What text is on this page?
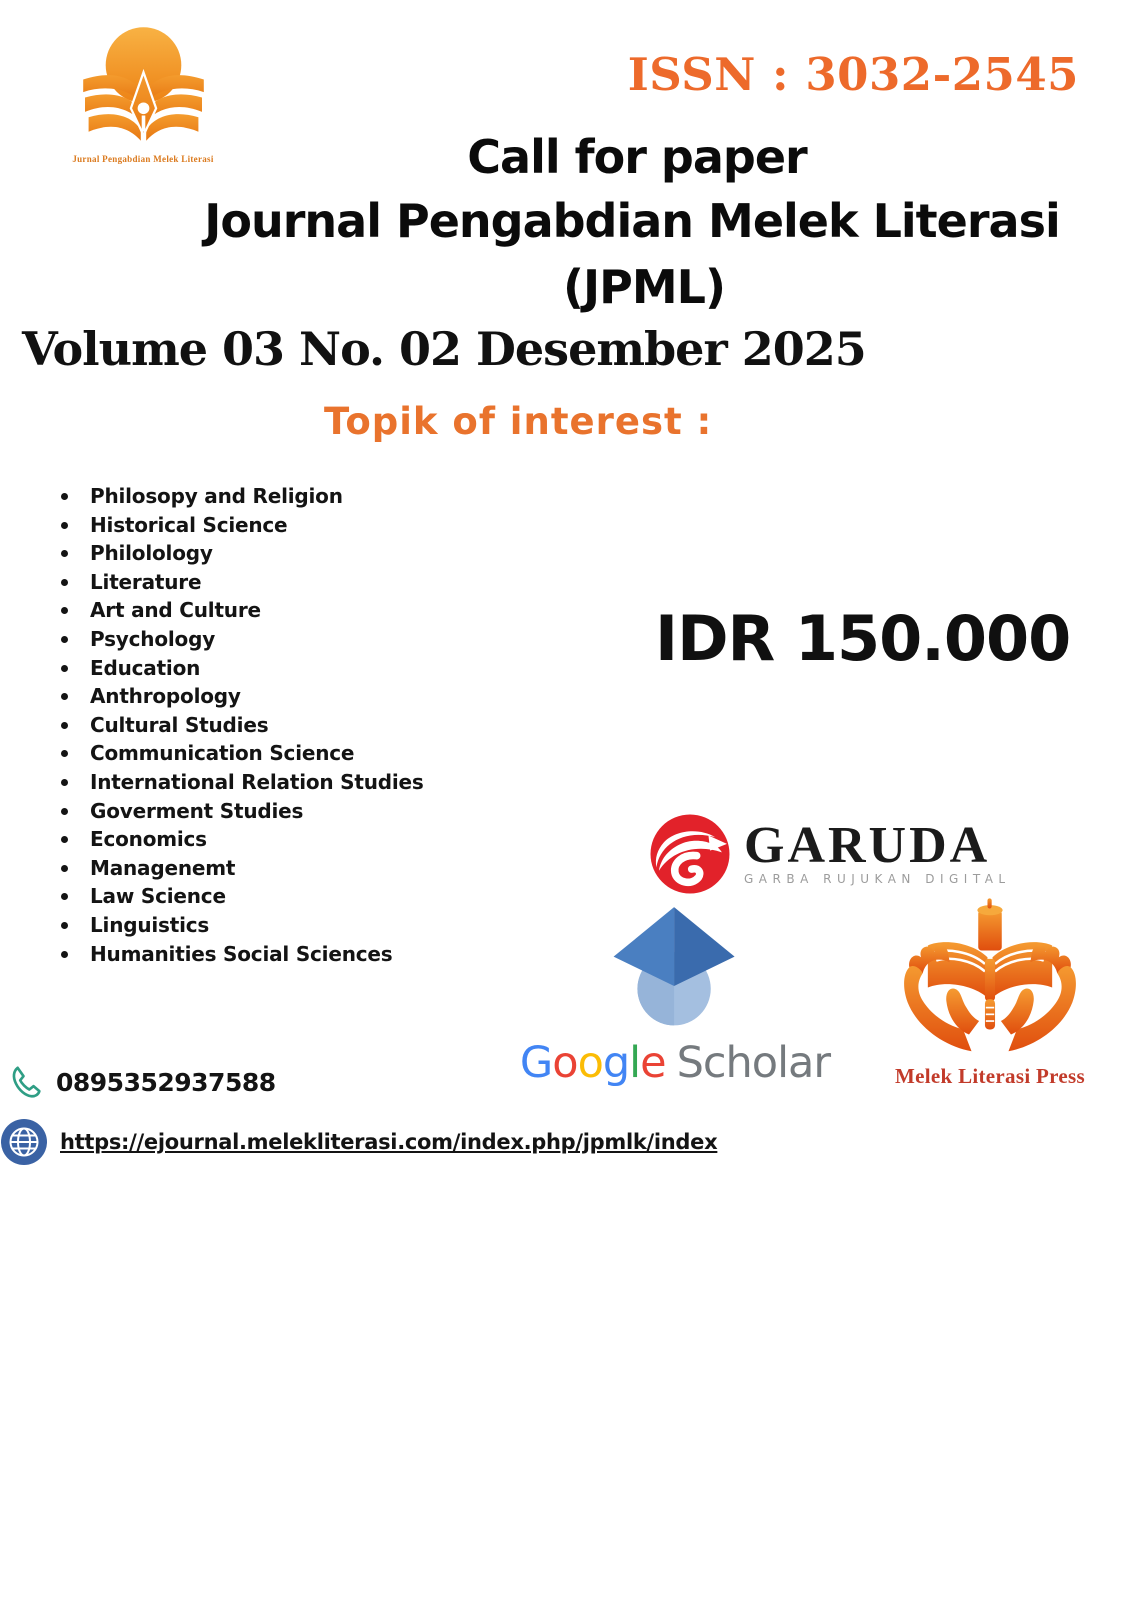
Jurnal Pengabdian Melek Literasi
ISSN : 3032-2545
Call for paper
Journal Pengabdian Melek Literasi
(JPML)
Volume 03 No. 02 Desember 2025
Topik of interest :
Philosopy and Religion
Historical Science
Philolology
Literature
Art and Culture
Psychology
Education
Anthropology
Cultural Studies
Communication Science
International Relation Studies
Goverment Studies
Economics
Managenemt
Law Science
Linguistics
Humanities Social Sciences
IDR 150.000
GARUDA
GARBA RUJUKAN DIGITAL
Google Scholar	Melek Literasi Press
0895352937588
https://ejournal.melekliterasi.com/index.php/jpmlk/index
